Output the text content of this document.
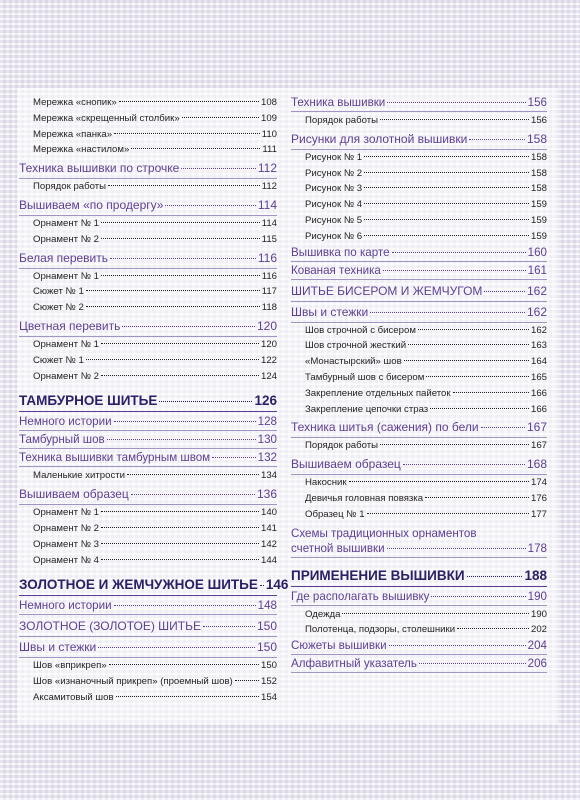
Мережка «снопик»	108
Мережка «скрещенный столбик»	109
Мережка «панка»	110
Мережка «настилом»	111
Техника вышивки по строчке	112
Порядок работы	112
Вышиваем «по продергу»	114
Орнамент № 1	114
Орнамент № 2	115
Белая перевить	116
Орнамент № 1	116
Сюжет № 1	117
Сюжет № 2	118
Цветная перевить	120
Орнамент № 1	120
Сюжет № 1	122
Орнамент № 2	124
ТАМБУРНОЕ ШИТЬЕ	126
Немного истории	128
Тамбурный шов	130
Техника вышивки тамбурным швом	132
Маленькие хитрости	134
Вышиваем образец	136
Орнамент № 1	140
Орнамент № 2	141
Орнамент № 3	142
Орнамент № 4	144
ЗОЛОТНОЕ И ЖЕМЧУЖНОЕ ШИТЬЕ 146
Немного истории	148
ЗОЛОТНОЕ (ЗОЛОТОЕ) ШИТЬЕ	150
Швы и стежки	150
Шов «вприкреп»	150
Шов «изнаночный прикреп» (проемный шов)	152
Аксамитовый шов	154
Техника вышивки	156
Порядок работы	156
Рисунки для золотной вышивки	158
Рисунок № 1	158
Рисунок № 2	158
Рисунок № 3	158
Рисунок № 4	159
Рисунок № 5	159
Рисунок № 6	159
Вышивка по карте	160
Кованая техника	161
ШИТЬЕ БИСЕРОМ И ЖЕМЧУГОМ	162
Швы и стежки	162
Шов строчной с бисером	162
Шов строчной жесткий	163
«Монастырский» шов	164
Тамбурный шов с бисером	165
Закрепление отдельных пайеток	166
Закрепление цепочки страз	166
Техника шитья (сажения) по бели	167
Порядок работы	167
Вышиваем образец	168
Накосник	174
Девичья головная повязка	176
Образец № 1	177
Схемы традиционных орнаментов
счетной вышивки	178
ПРИМЕНЕНИЕ ВЫШИВКИ	188
Где располагать вышивку	190
Одежда	190
Полотенца, подзоры, столешники	202
Сюжеты вышивки	204
Алфавитный указатель	206
